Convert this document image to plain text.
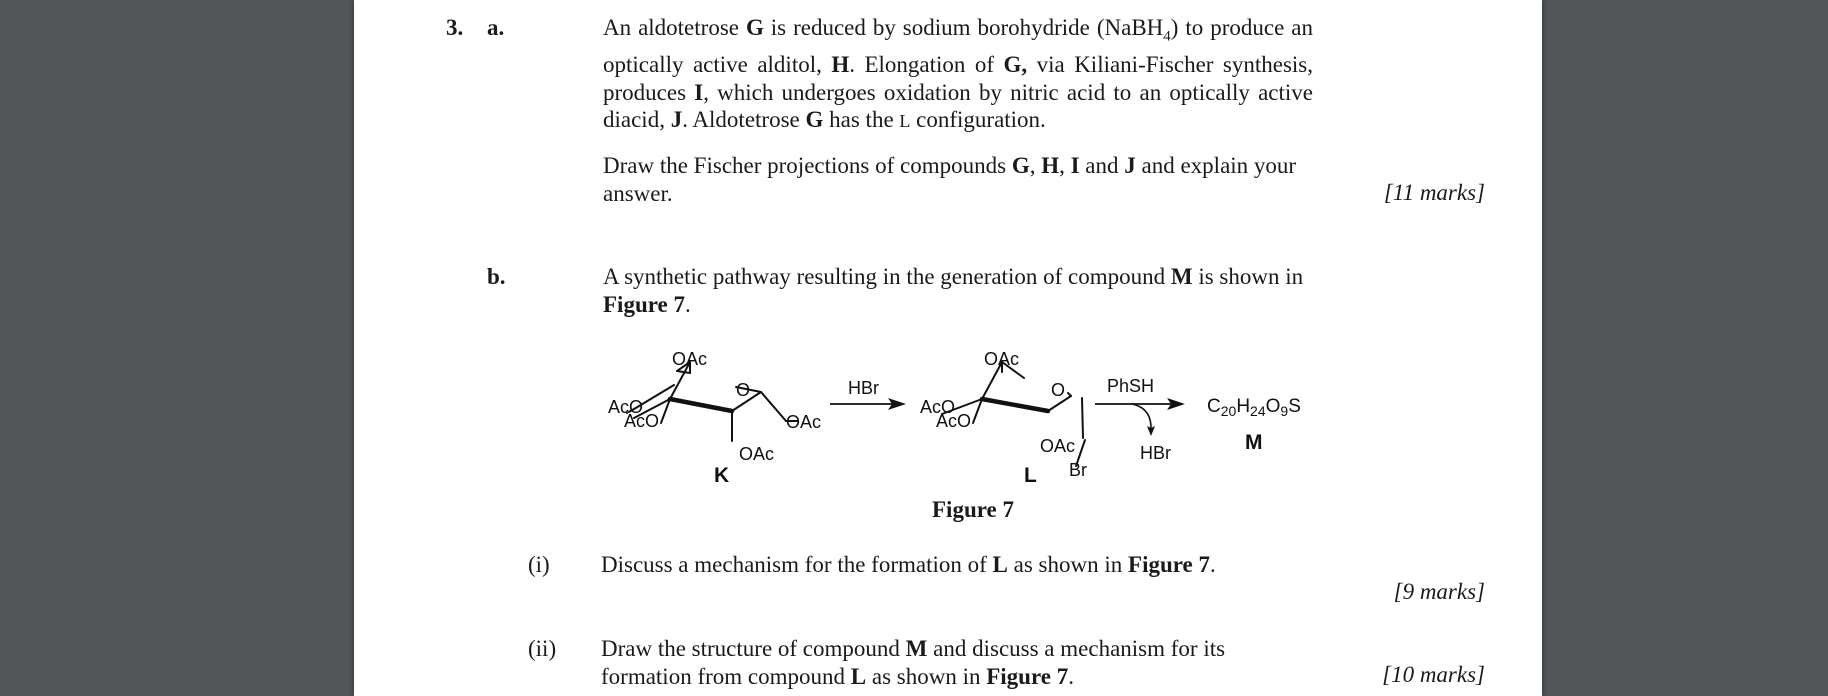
3. a.	An aldotetrose G is reduced by sodium borohydride (NaBH$_4$) to produce an optically active alditol, H. Elongation of G, via Kiliani-Fischer synthesis, produces I, which undergoes oxidation by nitric acid to an optically active diacid, J. Aldotetrose G has the L configuration.
Draw the Fischer projections of compounds G, H, I and J and explain your answer.	[11 marks]
b.	A synthetic pathway resulting in the generation of compound M is shown in Figure 7.
OAc
O
AcO
AcO	OAc
OAc
K
HBr
OAc
O
AcO
AcO
OAc
Br
L
PhSH
HBr
$C_{20}H_{24}O_9S$
M
Figure 7
(i) Discuss a mechanism for the formation of L as shown in Figure 7.
[9 marks]
(ii) Draw the structure of compound M and discuss a mechanism for its formation from compound L as shown in Figure 7.	[10 marks]
